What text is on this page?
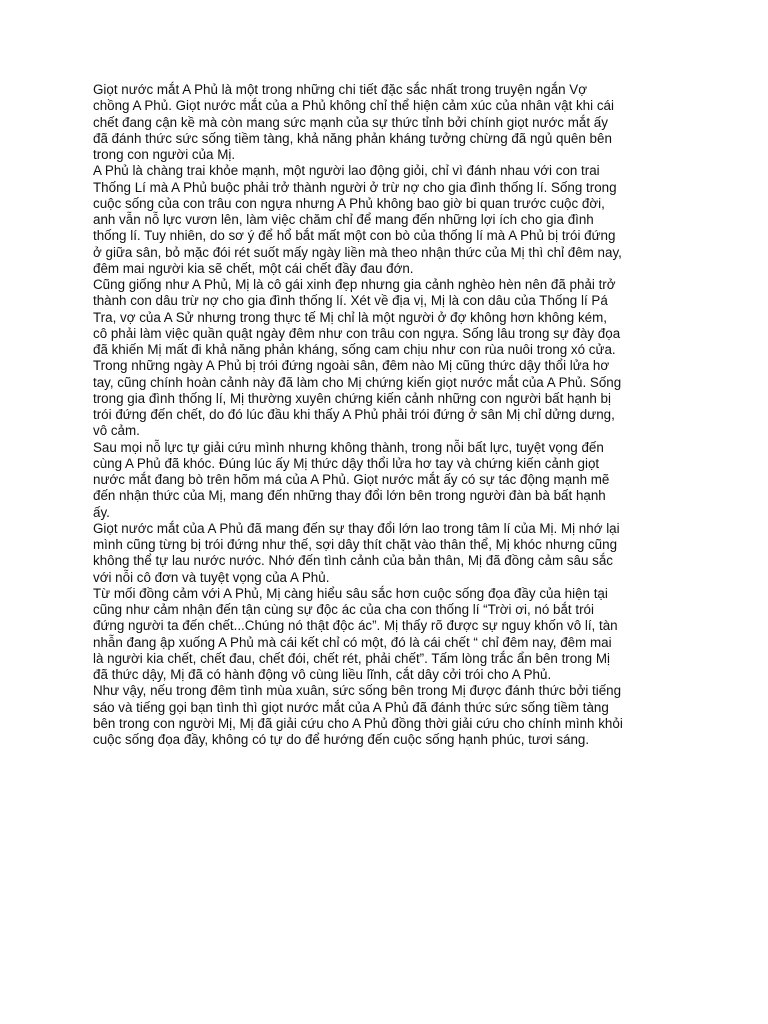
Giọt nước mắt A Phủ là một trong những chi tiết đặc sắc nhất trong truyện ngắn Vợ chồng A Phủ. Giọt nước mắt của a Phủ không chỉ thể hiện cảm xúc của nhân vật khi cái chết đang cận kề mà còn mang sức mạnh của sự thức tỉnh bởi chính giọt nước mắt ấy đã đánh thức sức sống tiềm tàng, khả năng phản kháng tưởng chừng đã ngủ quên bên trong con người của Mị.

A Phủ là chàng trai khỏe mạnh, một người lao động giỏi, chỉ vì đánh nhau với con trai Thống Lí mà A Phủ buộc phải trở thành người ở trừ nợ cho gia đình thống lí. Sống trong cuộc sống của con trâu con ngựa nhưng A Phủ không bao giờ bi quan trước cuộc đời, anh vẫn nỗ lực vươn lên, làm việc chăm chỉ để mang đến những lợi ích cho gia đình thống lí. Tuy nhiên, do sơ ý để hổ bắt mất một con bò của thống lí mà A Phủ bị trói đứng ở giữa sân, bỏ mặc đói rét suốt mấy ngày liền mà theo nhận thức của Mị thì chỉ đêm nay, đêm mai người kia sẽ chết, một cái chết đầy đau đớn.

Cũng giống như A Phủ, Mị là cô gái xinh đẹp nhưng gia cảnh nghèo hèn nên đã phải trở thành con dâu trừ nợ cho gia đình thống lí. Xét về địa vị, Mị là con dâu của Thống lí Pá Tra, vợ của A Sử nhưng trong thực tế Mị chỉ là một người ở đợ không hơn không kém, cô phải làm việc quần quật ngày đêm như con trâu con ngựa. Sống lâu trong sự đày đọa đã khiến Mị mất đi khả năng phản kháng, sống cam chịu như con rùa nuôi trong xó cửa. Trong những ngày A Phủ bị trói đứng ngoài sân, đêm nào Mị cũng thức dậy thổi lửa hơ tay, cũng chính hoàn cảnh này đã làm cho Mị chứng kiến giọt nước mắt của A Phủ. Sống trong gia đình thống lí, Mị thường xuyên chứng kiến cảnh những con người bất hạnh bị trói đứng đến chết, do đó lúc đầu khi thấy A Phủ phải trói đứng ở sân Mị chỉ dửng dưng, vô cảm.

Sau mọi nỗ lực tự giải cứu mình nhưng không thành, trong nỗi bất lực, tuyệt vọng đến cùng A Phủ đã khóc. Đúng lúc ấy Mị thức dậy thổi lửa hơ tay và chứng kiến cảnh giọt nước mắt đang bò trên hõm má của A Phủ. Giọt nước mắt ấy có sự tác động mạnh mẽ đến nhận thức của Mị, mang đến những thay đổi lớn bên trong người đàn bà bất hạnh ấy.

Giọt nước mắt của A Phủ đã mang đến sự thay đổi lớn lao trong tâm lí của Mị. Mị nhớ lại mình cũng từng bị trói đứng như thế, sợi dây thít chặt vào thân thể, Mị khóc nhưng cũng không thể tự lau nước nước. Nhớ đến tình cảnh của bản thân, Mị đã đồng cảm sâu sắc với nỗi cô đơn và tuyệt vọng của A Phủ.

Từ mối đồng cảm với A Phủ, Mị càng hiểu sâu sắc hơn cuộc sống đọa đầy của hiện tại cũng như cảm nhận đến tận cùng sự độc ác của cha con thống lí “Trời ơi, nó bắt trói đứng người ta đến chết...Chúng nó thật độc ác”. Mị thấy rõ được sự nguy khốn vô lí, tàn nhẫn đang ập xuống A Phủ mà cái kết chỉ có một, đó là cái chết “ chỉ đêm nay, đêm mai là người kia chết, chết đau, chết đói, chết rét, phải chết”. Tấm lòng trắc ẩn bên trong Mị đã thức dậy, Mị đã có hành động vô cùng liều lĩnh, cắt dây cởi trói cho A Phủ.

Như vậy, nếu trong đêm tình mùa xuân, sức sống bên trong Mị được đánh thức bởi tiếng sáo và tiếng gọi bạn tình thì giọt nước mắt của A Phủ đã đánh thức sức sống tiềm tàng bên trong con người Mị, Mị đã giải cứu cho A Phủ đồng thời giải cứu cho chính mình khỏi cuộc sống đọa đầy, không có tự do để hướng đến cuộc sống hạnh phúc, tươi sáng.
